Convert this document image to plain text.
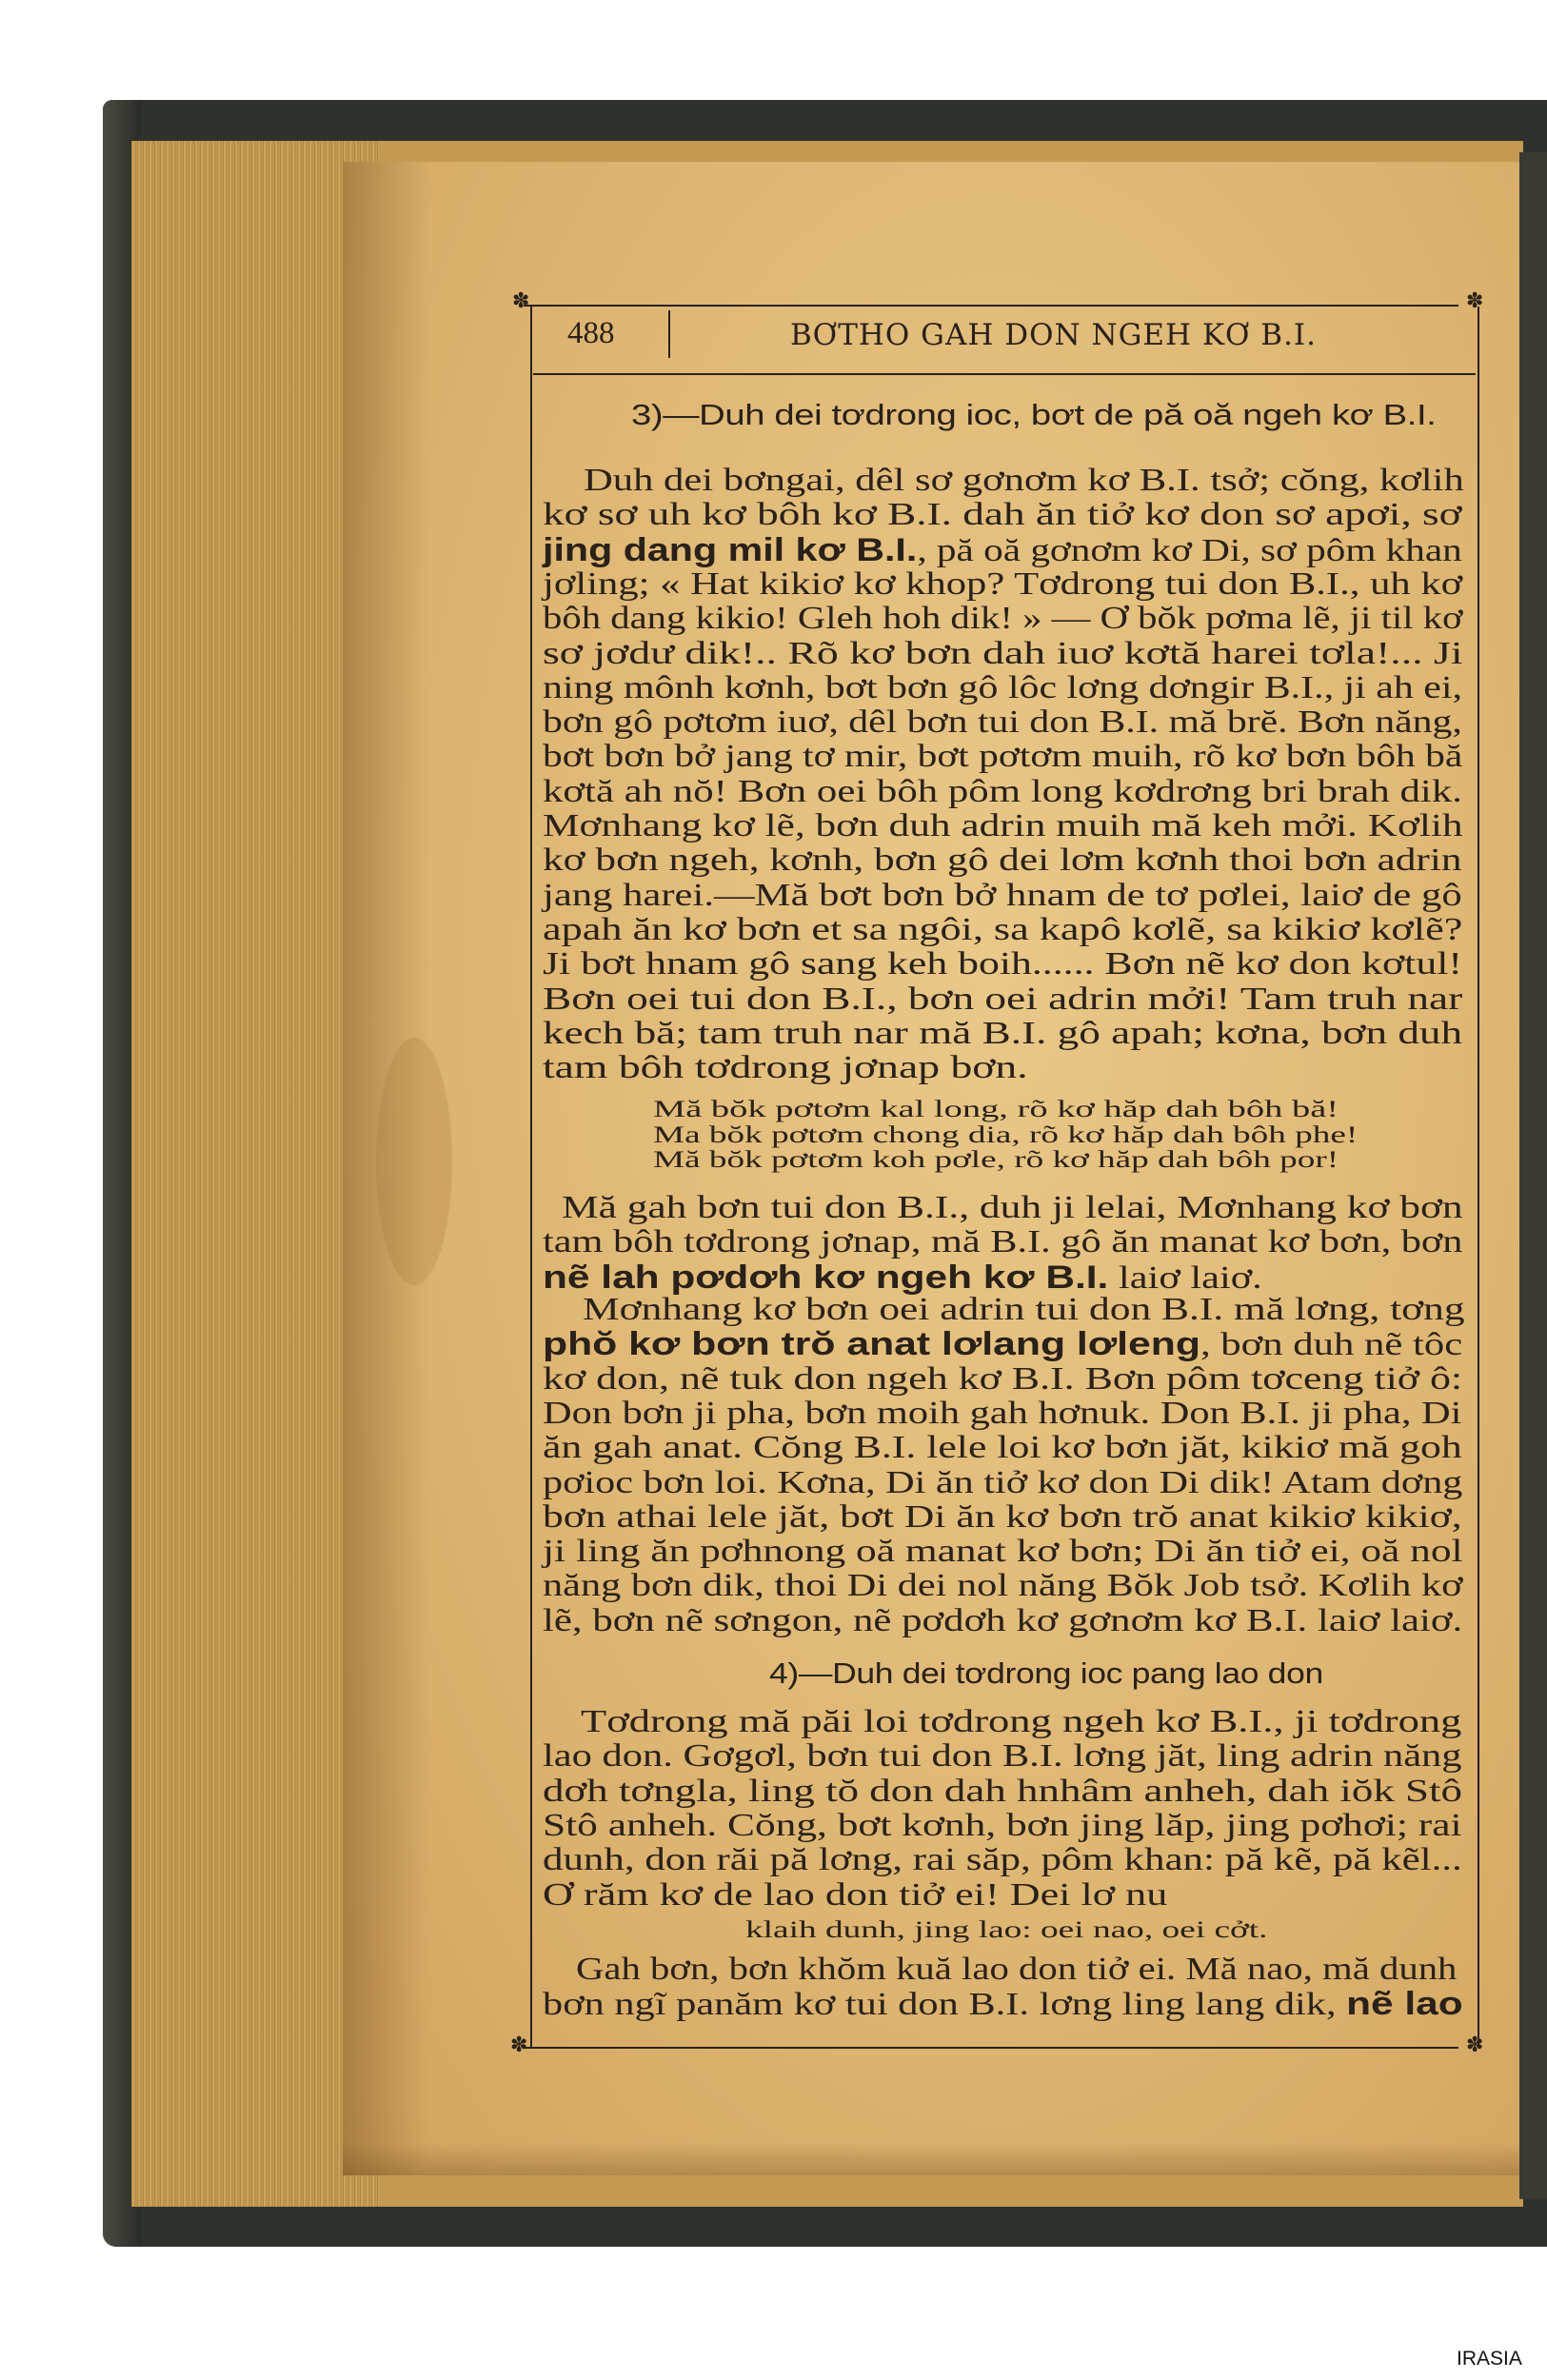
✽	✽
✽	✽
488	BƠTHO GAH DON NGEH KƠ B.I.
3)—Duh dei tơdrong ioc, bơt de pă oă ngeh kơ B.I.
Duh dei bơngai, dêl sơ gơnơm kơ B.I. tsở; cŏng, kơlih
kơ sơ uh kơ bôh kơ B.I. dah ăn tiở kơ don sơ apơi, sơ
jing dang mil kơ B.I., pă oă gơnơm kơ Di, sơ pôm khan
jơling; « Hat kikiơ kơ khop? Tơdrong tui don B.I., uh kơ
bôh dang kikio! Gleh hoh dik! » — Ơ bŏk pơma lẽ, ji til kơ
sơ jơdư dik!.. Rõ kơ bơn dah iuơ kơtă harei tơla!... Ji
ning mônh kơnh, bơt bơn gô lôc lơng dơngir B.I., ji ah ei,
bơn gô pơtơm iuơ, dêl bơn tui don B.I. mă brĕ. Bơn năng,
bơt bơn bở jang tơ mir, bơt pơtơm muih, rõ kơ bơn bôh bă
kơtă ah nŏ! Bơn oei bôh pôm long kơdrơng bri brah dik.
Mơnhang kơ lẽ, bơn duh adrin muih mă keh mởi. Kơlih
kơ bơn ngeh, kơnh, bơn gô dei lơm kơnh thoi bơn adrin
jang harei.—Mă bơt bơn bở hnam de tơ pơlei, laiơ de gô
apah ăn kơ bơn et sa ngôi, sa kapô kơlẽ, sa kikiơ kơlẽ?
Ji bơt hnam gô sang keh boih...... Bơn nẽ kơ don kơtul!
Bơn oei tui don B.I., bơn oei adrin mởi! Tam truh nar
kech bă; tam truh nar mă B.I. gô apah; kơna, bơn duh
tam bôh tơdrong jơnap bơn.
Mă bŏk pơtơm kal long, rõ kơ hăp dah bôh bă!
Ma bŏk pơtơm chong dia, rõ kơ hăp dah bôh phe!
Mă bŏk pơtơm koh pơle, rõ kơ hăp dah bôh por!
Mă gah bơn tui don B.I., duh ji lelai, Mơnhang kơ bơn
tam bôh tơdrong jơnap, mă B.I. gô ăn manat kơ bơn, bơn
nẽ lah pơdơh kơ ngeh kơ B.I. laiơ laiơ.
Mơnhang kơ bơn oei adrin tui don B.I. mă lơng, tơng
phŏ kơ bơn trŏ anat lơlang lơleng, bơn duh nẽ tôc
kơ don, nẽ tuk don ngeh kơ B.I. Bơn pôm tơceng tiở ô:
Don bơn ji pha, bơn moih gah hơnuk. Don B.I. ji pha, Di
ăn gah anat. Cŏng B.I. lele loi kơ bơn jăt, kikiơ mă goh
pơioc bơn loi. Kơna, Di ăn tiở kơ don Di dik! Atam dơng
bơn athai lele jăt, bơt Di ăn kơ bơn trŏ anat kikiơ kikiơ,
ji ling ăn pơhnong oă manat kơ bơn; Di ăn tiở ei, oă nol
năng bơn dik, thoi Di dei nol năng Bŏk Job tsở. Kơlih kơ
lẽ, bơn nẽ sơngon, nẽ pơdơh kơ gơnơm kơ B.I. laiơ laiơ.
4)—Duh dei tơdrong ioc pang lao don
Tơdrong mă păi loi tơdrong ngeh kơ B.I., ji tơdrong
lao don. Gơgơl, bơn tui don B.I. lơng jăt, ling adrin năng
dơh tơngla, ling tŏ don dah hnhâm anheh, dah iŏk Stô
Stô anheh. Cŏng, bơt kơnh, bơn jing lăp, jing pơhơi; rai
dunh, don răi pă lơng, rai săp, pôm khan: pă kẽ, pă kẽl...
Ơ răm kơ de lao don tiở ei! Dei lơ nu
klaih dunh, jing lao: oei nao, oei cởt.
Gah bơn, bơn khŏm kuă lao don tiở ei. Mă nao, mă dunh
bơn ngĩ panăm kơ tui don B.I. lơng ling lang dik, nẽ lao
IRASIA
